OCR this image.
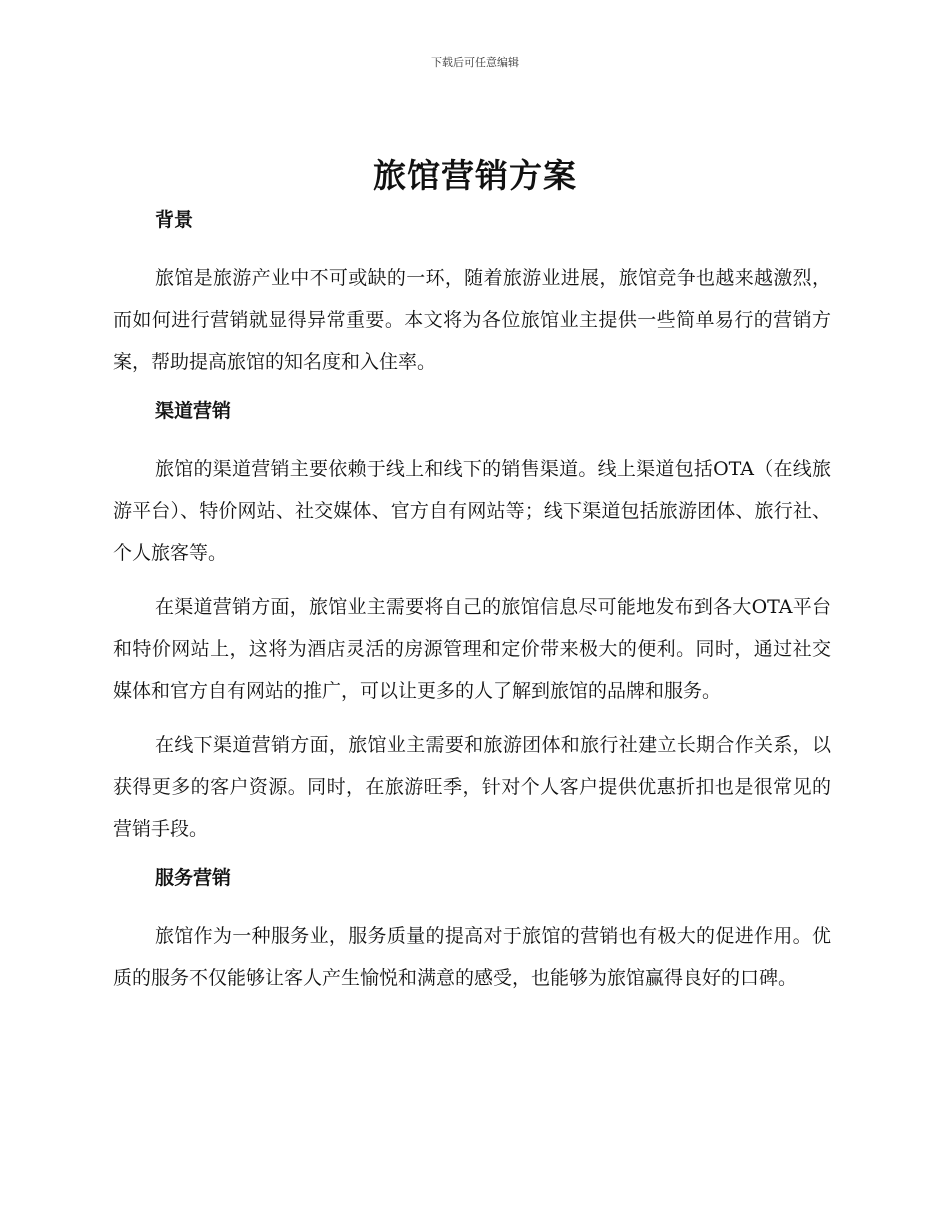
下载后可任意编辑
旅馆营销方案
背景

旅馆是旅游产业中不可或缺的一环，随着旅游业进展，旅馆竞争也越来越激烈，而如何进行营销就显得异常重要。本文将为各位旅馆业主提供一些简单易行的营销方案，帮助提高旅馆的知名度和入住率。

渠道营销

旅馆的渠道营销主要依赖于线上和线下的销售渠道。线上渠道包括OTA（在线旅游平台）、特价网站、社交媒体、官方自有网站等；线下渠道包括旅游团体、旅行社、个人旅客等。

在渠道营销方面，旅馆业主需要将自己的旅馆信息尽可能地发布到各大OTA平台和特价网站上，这将为酒店灵活的房源管理和定价带来极大的便利。同时，通过社交媒体和官方自有网站的推广，可以让更多的人了解到旅馆的品牌和服务。

在线下渠道营销方面，旅馆业主需要和旅游团体和旅行社建立长期合作关系，以获得更多的客户资源。同时，在旅游旺季，针对个人客户提供优惠折扣也是很常见的营销手段。

服务营销

旅馆作为一种服务业，服务质量的提高对于旅馆的营销也有极大的促进作用。优质的服务不仅能够让客人产生愉悦和满意的感受，也能够为旅馆赢得良好的口碑。
